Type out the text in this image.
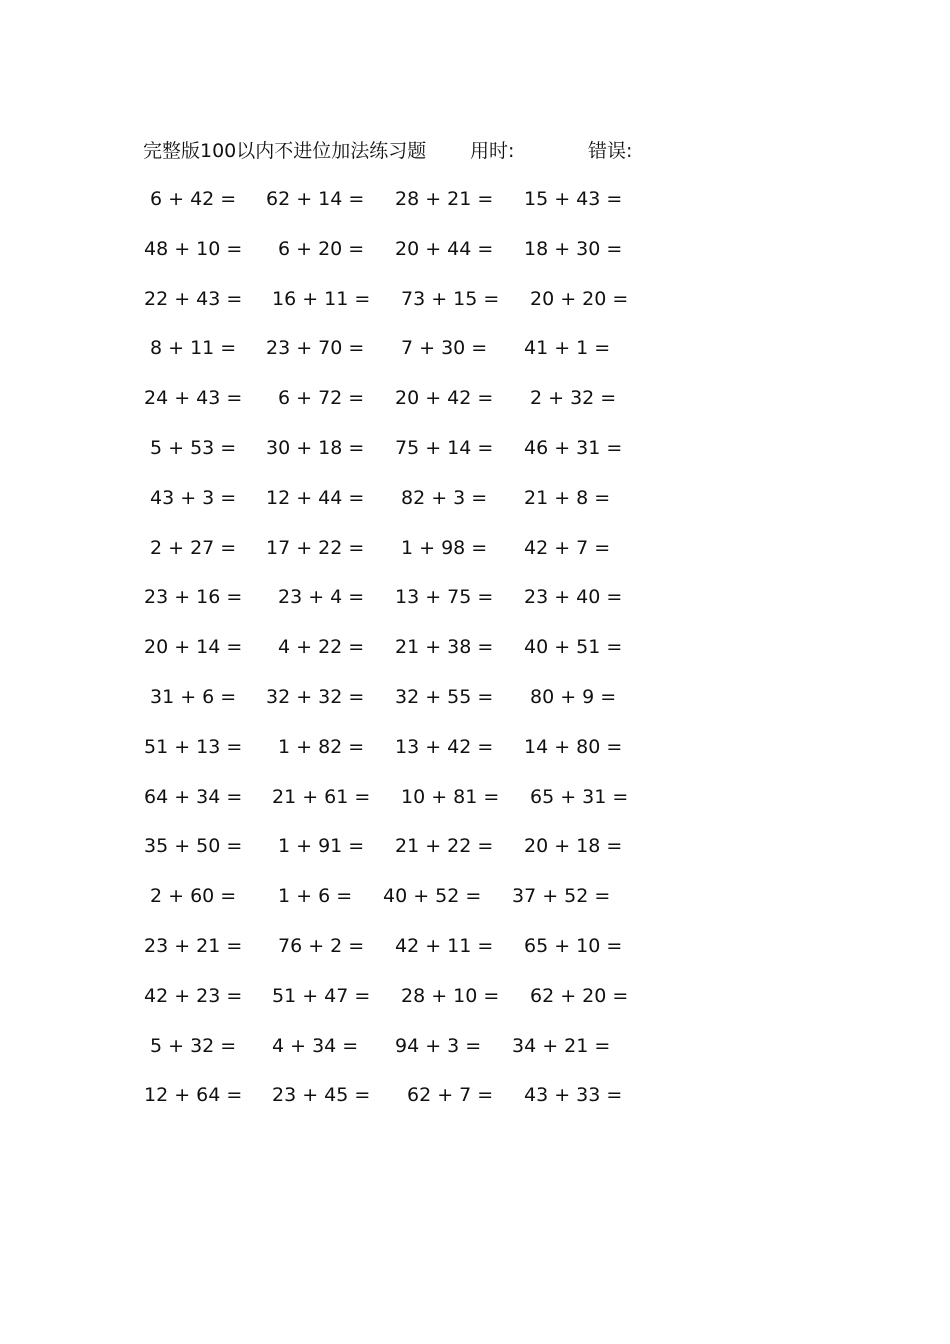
完整版100以内不进位加法练习题 用时:	错误:
6 + 42 = 62 + 14 = 28 + 21 = 15 + 43 =
48 + 10 = 6 + 20 = 20 + 44 = 18 + 30 =
22 + 43 = 16 + 11 = 73 + 15 = 20 + 20 =
8 + 11 = 23 + 70 = 7 + 30 = 41 + 1 =
24 + 43 = 6 + 72 = 20 + 42 = 2 + 32 =
5 + 53 = 30 + 18 = 75 + 14 = 46 + 31 =
43 + 3 = 12 + 44 = 82 + 3 = 21 + 8 =
2 + 27 = 17 + 22 = 1 + 98 = 42 + 7 =
23 + 16 = 23 + 4 = 13 + 75 = 23 + 40 =
20 + 14 = 4 + 22 = 21 + 38 = 40 + 51 =
31 + 6 = 32 + 32 = 32 + 55 = 80 + 9 =
51 + 13 = 1 + 82 = 13 + 42 = 14 + 80 =
64 + 34 = 21 + 61 = 10 + 81 = 65 + 31 =
35 + 50 = 1 + 91 = 21 + 22 = 20 + 18 =
2 + 60 = 1 + 6 = 40 + 52 = 37 + 52 =
23 + 21 = 76 + 2 = 42 + 11 = 65 + 10 =
42 + 23 = 51 + 47 = 28 + 10 = 62 + 20 =
5 + 32 = 4 + 34 = 94 + 3 = 34 + 21 =
12 + 64 = 23 + 45 = 62 + 7 = 43 + 33 =
